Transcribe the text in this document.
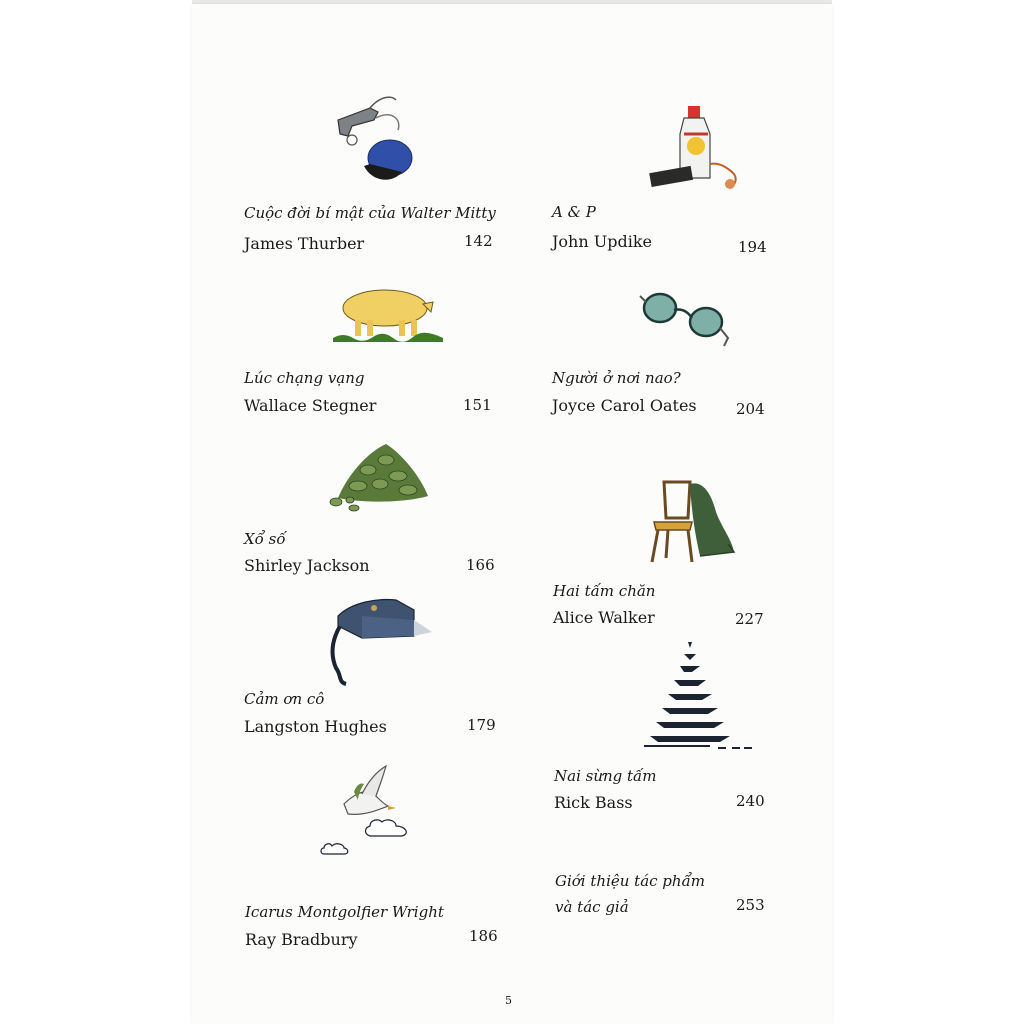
Cuộc đời bí mật của Walter Mitty
James Thurber	142
A & P
John Updike	194
Lúc chạng vạng
Wallace Stegner	151
Người ở nơi nao?
Joyce Carol Oates	204
Xổ số
Shirley Jackson	166
Hai tấm chăn
Alice Walker	227
Cảm ơn cô
Langston Hughes	179
Nai sừng tấm
Rick Bass	240
Icarus Montgolfier Wright
Ray Bradbury	186
Giới thiệu tác phẩm
và tác giả	253
5
